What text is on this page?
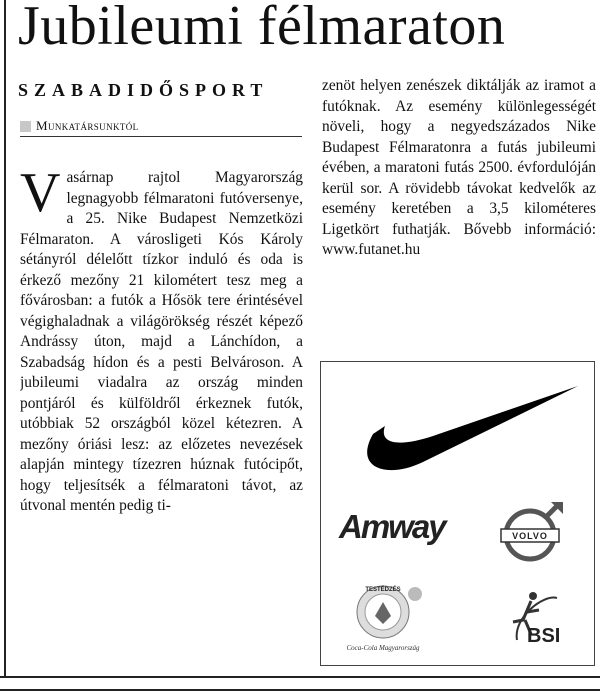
Jubileumi félmaraton
SZABADIDŐSPORT
Munkatársunktól
V asárnap rajtol Magyarország legnagyobb félmaratoni futóversenye, a 25. Nike Budapest Nemzetközi Félmaraton. A városligeti Kós Károly sétányról délelőtt tízkor induló és oda is érkező mezőny 21 kilométert tesz meg a fővárosban: a futók a Hősök tere érintésével végighaladnak a világörökség részét képező Andrássy úton, majd a Lánchídon, a Szabadság hídon és a pesti Belvároson. A jubileumi viadalra az ország minden pontjáról és külföldről érkeznek futók, utóbbiak 52 országból közel kétezren. A mezőny óriási lesz: az előzetes nevezések alapján mintegy tízezren húznak futócipőt, hogy teljesítsék a félmaratoni távot, az útvonal mentén pedig ti-
zenöt helyen zenészek diktálják az iramot a futóknak. Az esemény különlegességét növeli, hogy a negyedszázados Nike Budapest Félmaratonra a futás jubileumi évében, a maratoni futás 2500. évfordulóján kerül sor. A rövidebb távokat kedvelők az esemény keretében a 3,5 kilométeres Ligetkört futhatják. Bővebb információ: www.futanet.hu
Amway	VOLVO
TESTÉDZÉS
Coca-Cola Magyarország
BSI
